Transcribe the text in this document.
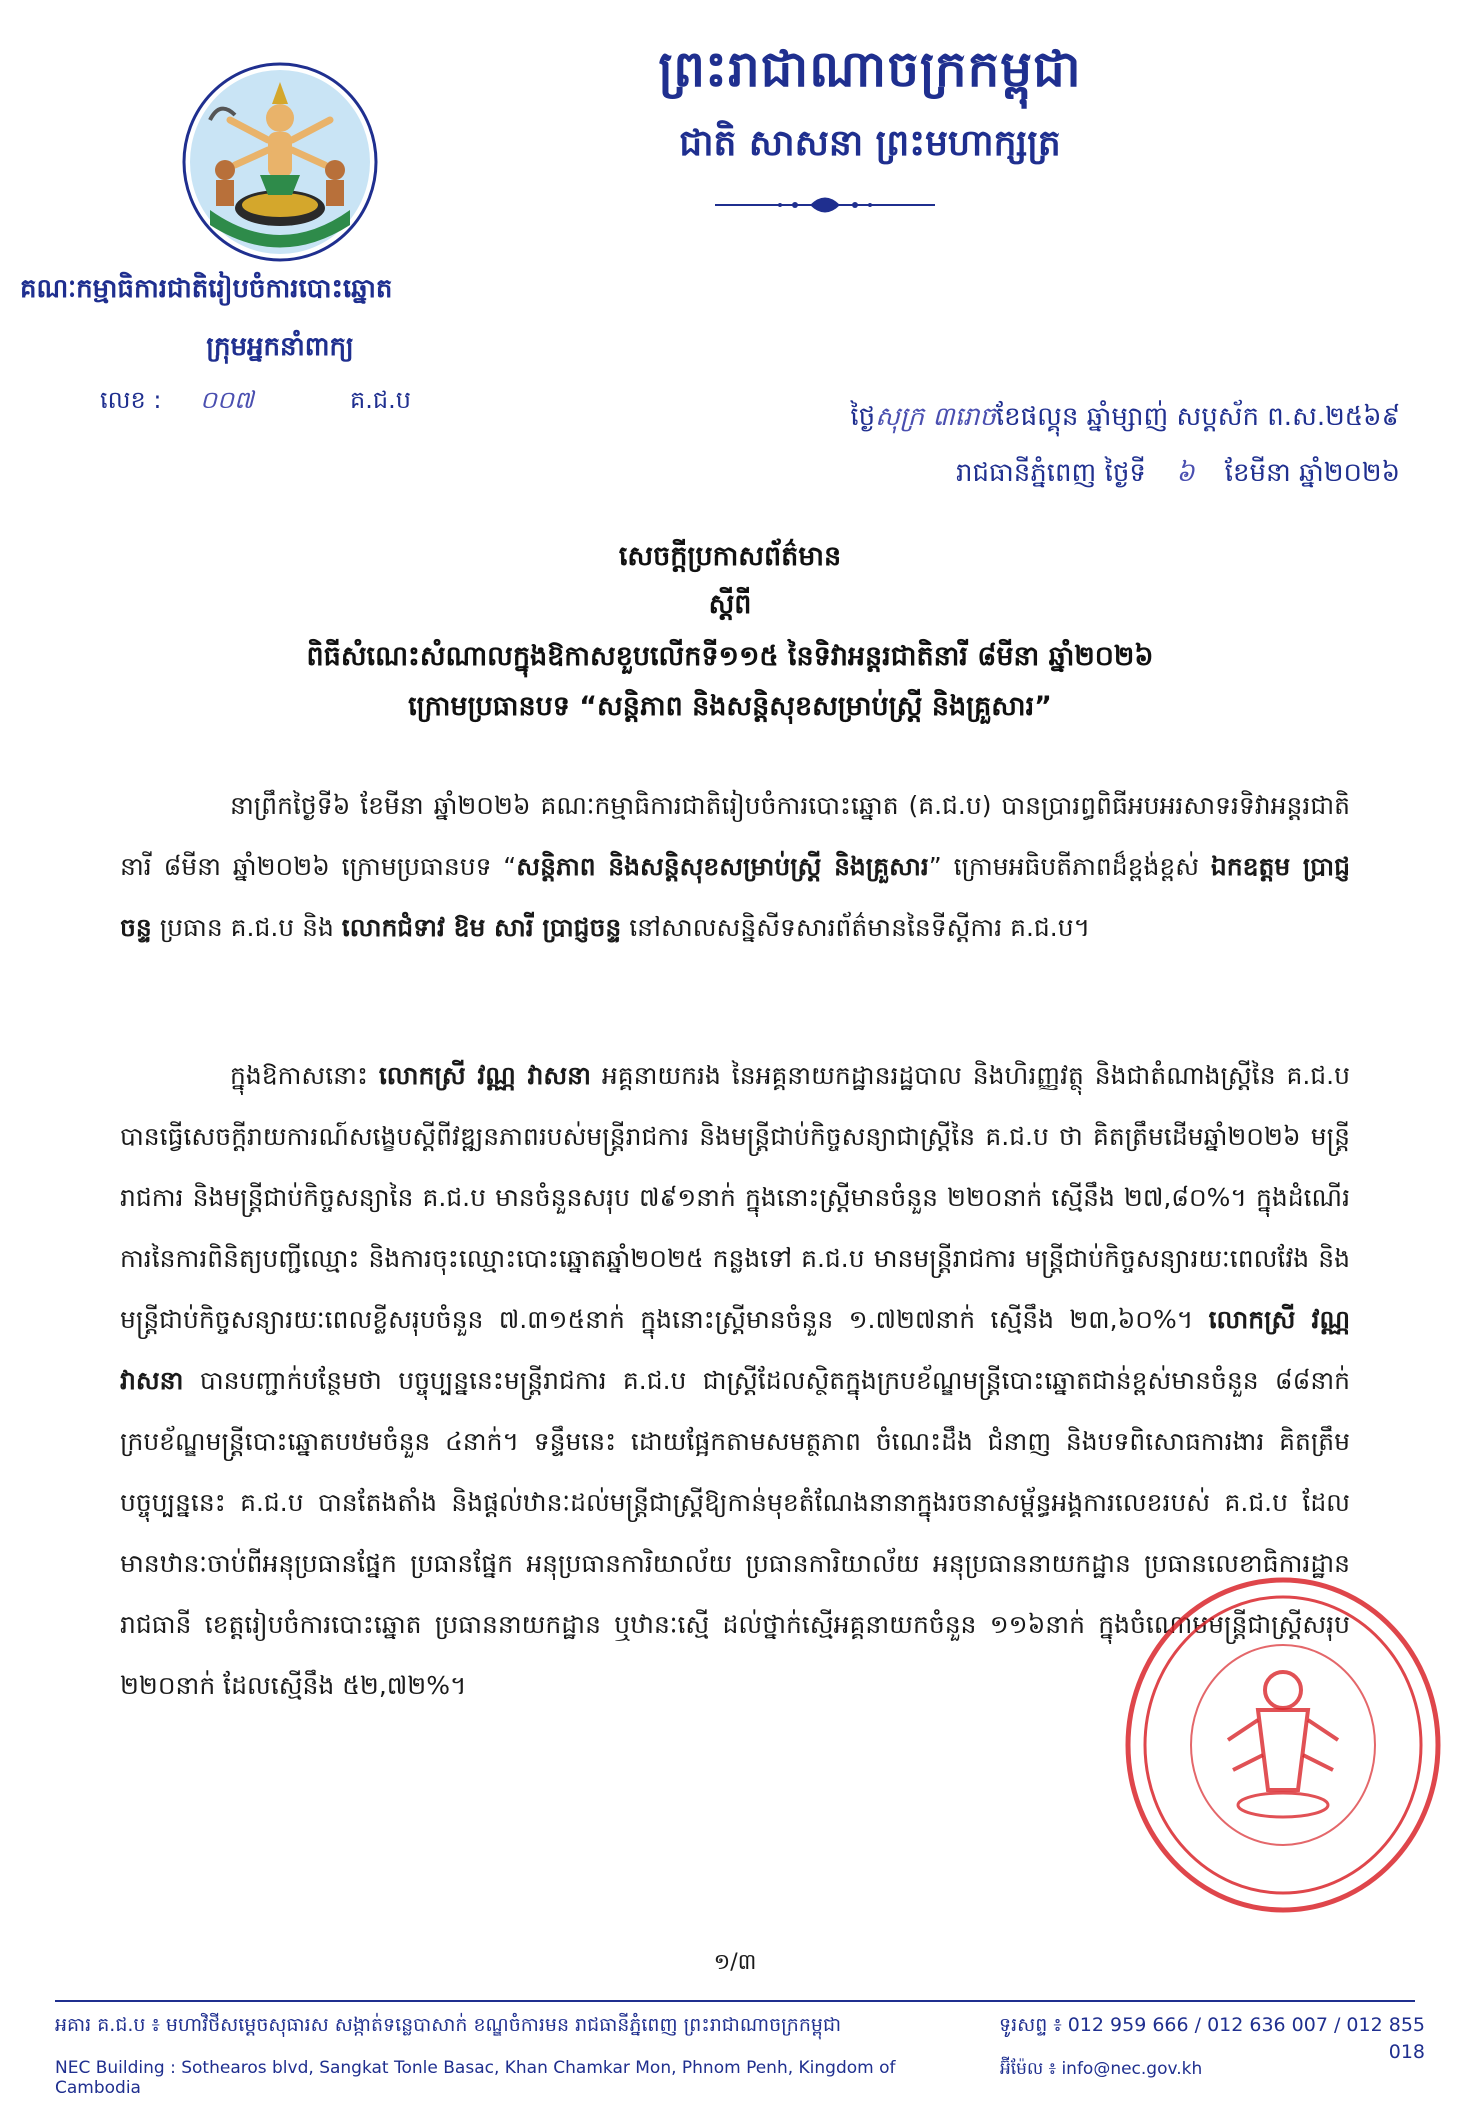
ព្រះរាជាណាចក្រកម្ពុជា
ជាតិ សាសនា ព្រះមហាក្សត្រ
គណៈកម្មាធិការជាតិរៀបចំការបោះឆ្នោត
ក្រុមអ្នកនាំពាក្យ
លេខ : ០០៧	គ.ជ.ប
ថ្ងៃសុក្រ ៣រោចខែផល្គុន ឆ្នាំម្សាញ់ សប្តស័ក ព.ស.២៥៦៩
រាជធានីភ្នំពេញ ថ្ងៃទី ៦ ខែមីនា ឆ្នាំ២០២៦
សេចក្តីប្រកាសព័ត៌មាន
ស្តីពី
ពិធីសំណេះសំណាលក្នុងឱកាសខួបលើកទី១១៥ នៃទិវាអន្តរជាតិនារី ៨មីនា ឆ្នាំ២០២៦
ក្រោមប្រធានបទ “សន្តិភាព និងសន្តិសុខសម្រាប់ស្ត្រី និងគ្រួសារ”
នាព្រឹកថ្ងៃទី៦ ខែមីនា ឆ្នាំ២០២៦ គណៈកម្មាធិការជាតិរៀបចំការបោះឆ្នោត (គ.ជ.ប) បានប្រារព្ធពិធីអបអរសាទរទិវាអន្តរជាតិនារី ៨មីនា ឆ្នាំ២០២៦ ក្រោមប្រធានបទ “សន្តិភាព និងសន្តិសុខសម្រាប់ស្ត្រី និងគ្រួសារ” ក្រោមអធិបតីភាពដ៏ខ្ពង់ខ្ពស់ ឯកឧត្តម ប្រាជ្ញ ចន្ទ ប្រធាន គ.ជ.ប និង លោកជំទាវ ឱម សារី ប្រាជ្ញចន្ទ នៅសាលសន្និសីទសារព័ត៌មាននៃទីស្តីការ គ.ជ.ប។
ក្នុងឱកាសនោះ លោកស្រី វណ្ណ វាសនា អគ្គនាយករង នៃអគ្គនាយកដ្ឋានរដ្ឋបាល និងហិរញ្ញវត្ថុ និងជាតំណាងស្ត្រីនៃ គ.ជ.ប បានធ្វើសេចក្តីរាយការណ៍សង្ខេបស្តីពីវឌ្ឍនភាពរបស់មន្ត្រីរាជការ និងមន្ត្រីជាប់កិច្ចសន្យាជាស្ត្រីនៃ គ.ជ.ប ថា គិតត្រឹមដើមឆ្នាំ២០២៦ មន្ត្រីរាជការ និងមន្ត្រីជាប់កិច្ចសន្យានៃ គ.ជ.ប មានចំនួនសរុប ៧៩១នាក់ ក្នុងនោះស្ត្រីមានចំនួន ២២០នាក់ ស្មើនឹង ២៧,៨០%។ ក្នុងដំណើរការនៃការពិនិត្យបញ្ជីឈ្មោះ និងការចុះឈ្មោះបោះឆ្នោតឆ្នាំ២០២៥ កន្លងទៅ គ.ជ.ប មានមន្ត្រីរាជការ មន្ត្រីជាប់កិច្ចសន្យារយៈពេលវែង និងមន្ត្រីជាប់កិច្ចសន្យារយៈពេលខ្លីសរុបចំនួន ៧.៣១៥នាក់ ក្នុងនោះស្ត្រីមានចំនួន ១.៧២៧នាក់ ស្មើនឹង ២៣,៦០%។ លោកស្រី វណ្ណ វាសនា បានបញ្ជាក់បន្ថែមថា បច្ចុប្បន្ននេះមន្ត្រីរាជការ គ.ជ.ប ជាស្ត្រីដែលស្ថិតក្នុងក្របខ័ណ្ឌមន្ត្រីបោះឆ្នោតជាន់ខ្ពស់មានចំនួន ៨៨នាក់ ក្របខ័ណ្ឌមន្ត្រីបោះឆ្នោតបឋមចំនួន ៤នាក់។ ទន្ទឹមនេះ ដោយផ្អែកតាមសមត្ថភាព ចំណេះដឹង ជំនាញ និងបទពិសោធការងារ គិតត្រឹមបច្ចុប្បន្ននេះ គ.ជ.ប បានតែងតាំង និងផ្តល់ឋានៈដល់មន្ត្រីជាស្ត្រីឱ្យកាន់មុខតំណែងនានាក្នុងរចនាសម្ព័ន្ធអង្គការលេខរបស់ គ.ជ.ប ដែលមានឋានៈចាប់ពីអនុប្រធានផ្នែក ប្រធានផ្នែក អនុប្រធានការិយាល័យ ប្រធានការិយាល័យ អនុប្រធាននាយកដ្ឋាន ប្រធានលេខាធិការដ្ឋានរាជធានី ខេត្តរៀបចំការបោះឆ្នោត ប្រធាននាយកដ្ឋាន ឬឋានៈស្មើ ដល់ថ្នាក់ស្មើអគ្គនាយកចំនួន ១១៦នាក់ ក្នុងចំណោមមន្ត្រីជាស្ត្រីសរុប ២២០នាក់ ដែលស្មើនឹង ៥២,៧២%។
១/៣
អគារ គ.ជ.ប ៖ មហាវិថីសម្តេចសុធារស សង្កាត់ទន្លេបាសាក់ ខណ្ឌចំការមន រាជធានីភ្នំពេញ ព្រះរាជាណាចក្រកម្ពុជា	ទូរសព្ទ ៖ 012 959 666 / 012 636 007 / 012 855 018
NEC Building : Sothearos blvd, Sangkat Tonle Basac, Khan Chamkar Mon, Phnom Penh, Kingdom of Cambodia
អ៊ីម៉ែល ៖ info@nec.gov.kh
